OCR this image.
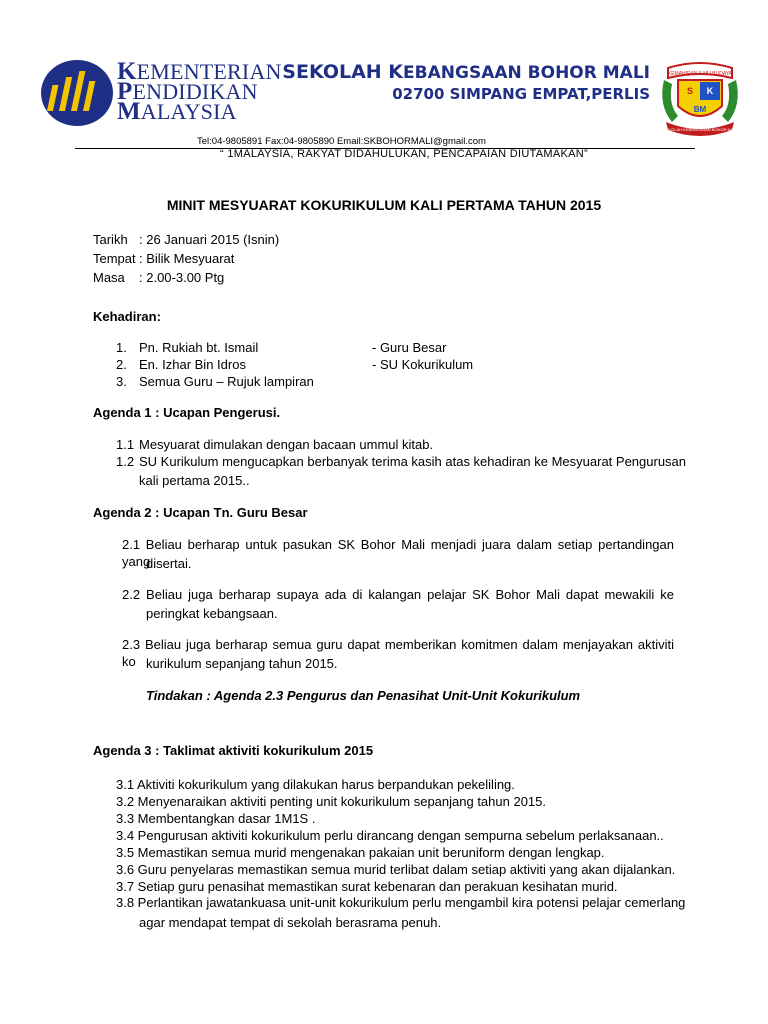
KEMENTERIAN
PENDIDIKAN
MALAYSIA
SEKOLAH KEBANGSAAN BOHOR MALI
02700 SIMPANG EMPAT,PERLIS
KEMAHIRAN ILMU BUDAYA
S K
BM
SEKOLAH KEBANGSAAN BOHOR MALI
Tel:04-9805891 Fax:04-9805890 Email:SKBOHORMALI@gmail.com
“ 1MALAYSIA, RAKYAT DIDAHULUKAN, PENCAPAIAN DIUTAMAKAN”
MINIT MESYUARAT KOKURIKULUM KALI PERTAMA TAHUN 2015
Tarikh : 26 Januari 2015 (Isnin)
Tempat : Bilik Mesyuarat
Masa : 2.00-3.00 Ptg
Kehadiran:
1. Pn. Rukiah bt. Ismail	- Guru Besar
2. En. Izhar Bin Idros	- SU Kokurikulum
3. Semua Guru – Rujuk lampiran
Agenda 1 : Ucapan Pengerusi.
1.1 Mesyuarat dimulakan dengan bacaan ummul kitab.
1.2 SU Kurikulum mengucapkan berbanyak terima kasih atas kehadiran ke Mesyuarat Pengurusan
kali pertama 2015..
Agenda 2 : Ucapan Tn. Guru Besar
2.1 Beliau berharap untuk pasukan SK Bohor Mali menjadi juara dalam setiap pertandingan yang
disertai.
2.2 Beliau juga berharap supaya ada di kalangan pelajar SK Bohor Mali dapat mewakili ke
peringkat kebangsaan.
2.3 Beliau juga berharap semua guru dapat memberikan komitmen dalam menjayakan aktiviti ko kurikulum sepanjang tahun 2015.
Tindakan : Agenda 2.3 Pengurus dan Penasihat Unit-Unit Kokurikulum
Agenda 3 : Taklimat aktiviti kokurikulum 2015
3.1 Aktiviti kokurikulum yang dilakukan harus berpandukan pekeliling.
3.2 Menyenaraikan aktiviti penting unit kokurikulum sepanjang tahun 2015.
3.3 Membentangkan dasar 1M1S .
3.4 Pengurusan aktiviti kokurikulum perlu dirancang dengan sempurna sebelum perlaksanaan..
3.5 Memastikan semua murid mengenakan pakaian unit beruniform dengan lengkap.
3.6 Guru penyelaras memastikan semua murid terlibat dalam setiap aktiviti yang akan dijalankan.
3.7 Setiap guru penasihat memastikan surat kebenaran dan perakuan kesihatan murid.
3.8 Perlantikan jawatankuasa unit-unit kokurikulum perlu mengambil kira potensi pelajar cemerlang
agar mendapat tempat di sekolah berasrama penuh.
